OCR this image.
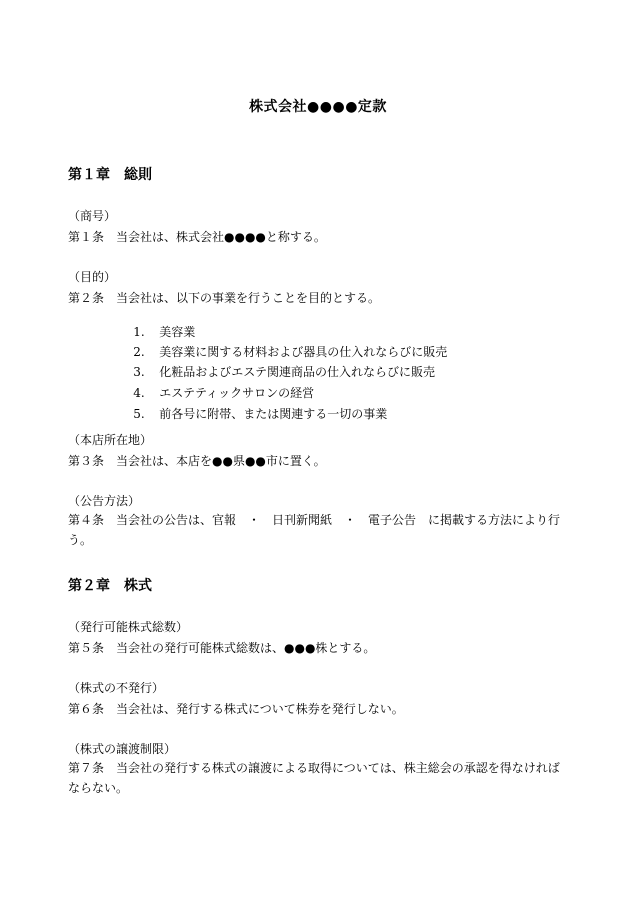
株式会社●●●●定款
第１章　総則
（商号）
第１条　当会社は、株式会社●●●●と称する。
（目的）
第２条　当会社は、以下の事業を行うことを目的とする。

1. 美容業

2. 美容業に関する材料および器具の仕入れならびに販売

3. 化粧品およびエステ関連商品の仕入れならびに販売

4. エステティックサロンの経営

5. 前各号に附帯、または関連する一切の事業

（本店所在地）
第３条　当会社は、本店を●●県●●市に置く。
（公告方法）
第４条　当会社の公告は、官報　・　日刊新聞紙　・　電子公告　に掲載する方法により行う。
第２章　株式
（発行可能株式総数）
第５条　当会社の発行可能株式総数は、●●●株とする。
（株式の不発行）
第６条　当会社は、発行する株式について株券を発行しない。
（株式の譲渡制限）
第７条　当会社の発行する株式の譲渡による取得については、株主総会の承認を得なければならない。
